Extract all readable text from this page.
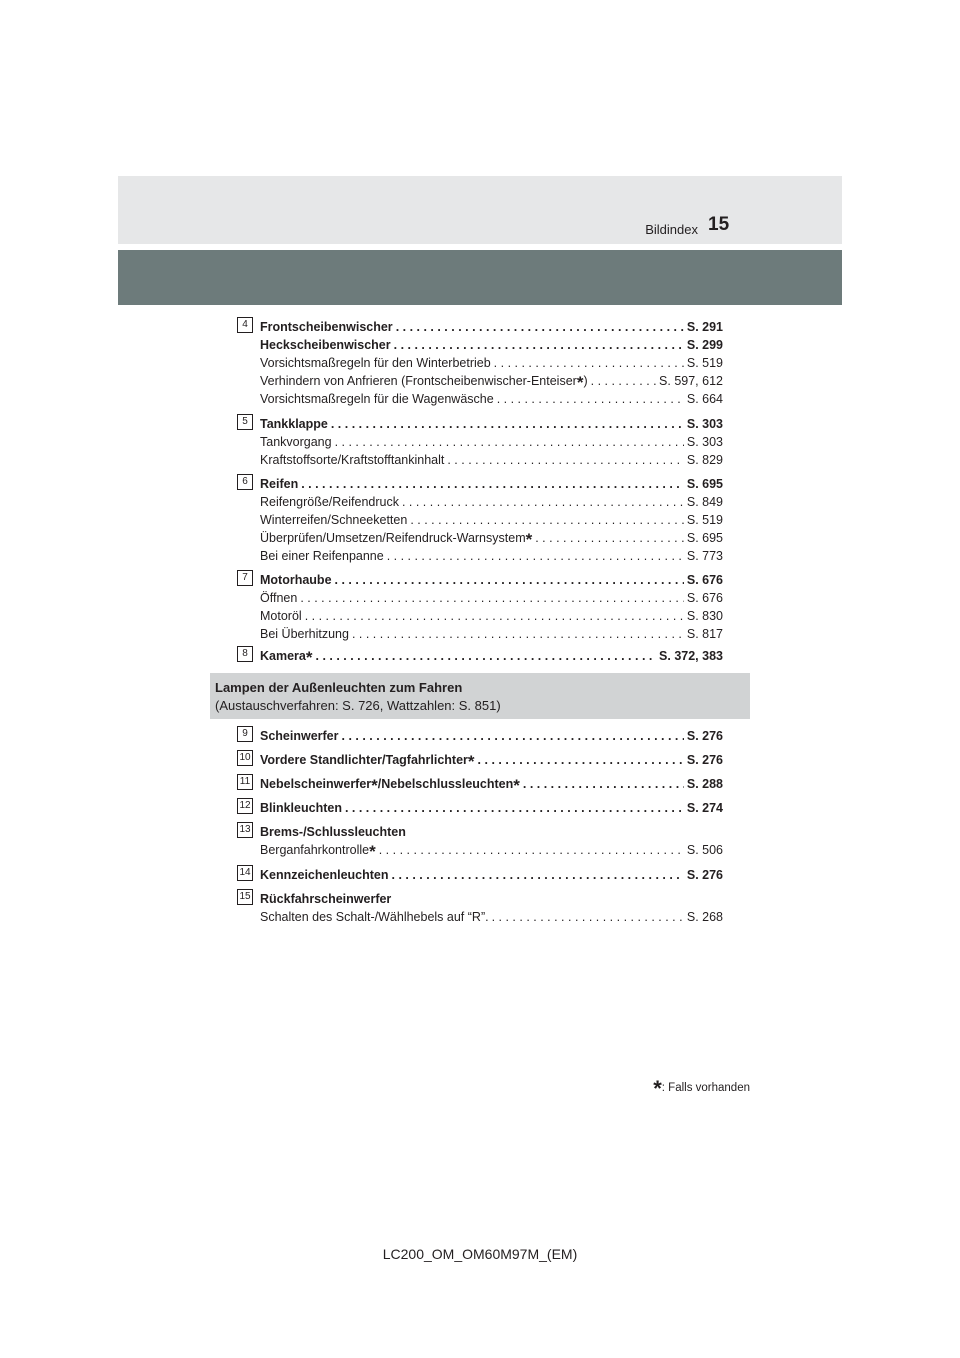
Bildindex 15
Lampen der Außenleuchten zum Fahren
(Austauschverfahren: S. 726, Wattzahlen: S. 851)
*: Falls vorhanden
LC200_OM_OM60M97M_(EM)
4 Frontscheibenwischer . . .	S. 291
Heckscheibenwischer . . .	S. 299
Vorsichtsmaßregeln für den Winterbetrieb . . .	S. 519
Verhindern von Anfrieren (Frontscheibenwischer-Enteiser*) . . .	S. 597, 612
Vorsichtsmaßregeln für die Wagenwäsche . . .	S. 664
5 Tankklappe . . .	S. 303
Tankvorgang . . .	S. 303
Kraftstoffsorte/Kraftstofftankinhalt . . .	S. 829
6 Reifen . . .	S. 695
Reifengröße/Reifendruck . . .	S. 849
Winterreifen/Schneeketten . . .	S. 519
Überprüfen/Umsetzen/Reifendruck-Warnsystem* . . .	S. 695
Bei einer Reifenpanne . . .	S. 773
7 Motorhaube . . .	S. 676
Öffnen . . .	S. 676
Motoröl . . .	S. 830
Bei Überhitzung . . .	S. 817
8 Kamera* . . .	S. 372, 383
9 Scheinwerfer . . .	S. 276
10 Vordere Standlichter/Tagfahrlichter* . . .	S. 276
11 Nebelscheinwerfer*/Nebelschlussleuchten* . . .	S. 288
12 Blinkleuchten . . .	S. 274
13 Brems-/Schlussleuchten
Berganfahrkontrolle* . . .	S. 506
14 Kennzeichenleuchten . . .	S. 276
15 Rückfahrscheinwerfer
Schalten des Schalt-/Wählhebels auf “R”. . . .	S. 268
